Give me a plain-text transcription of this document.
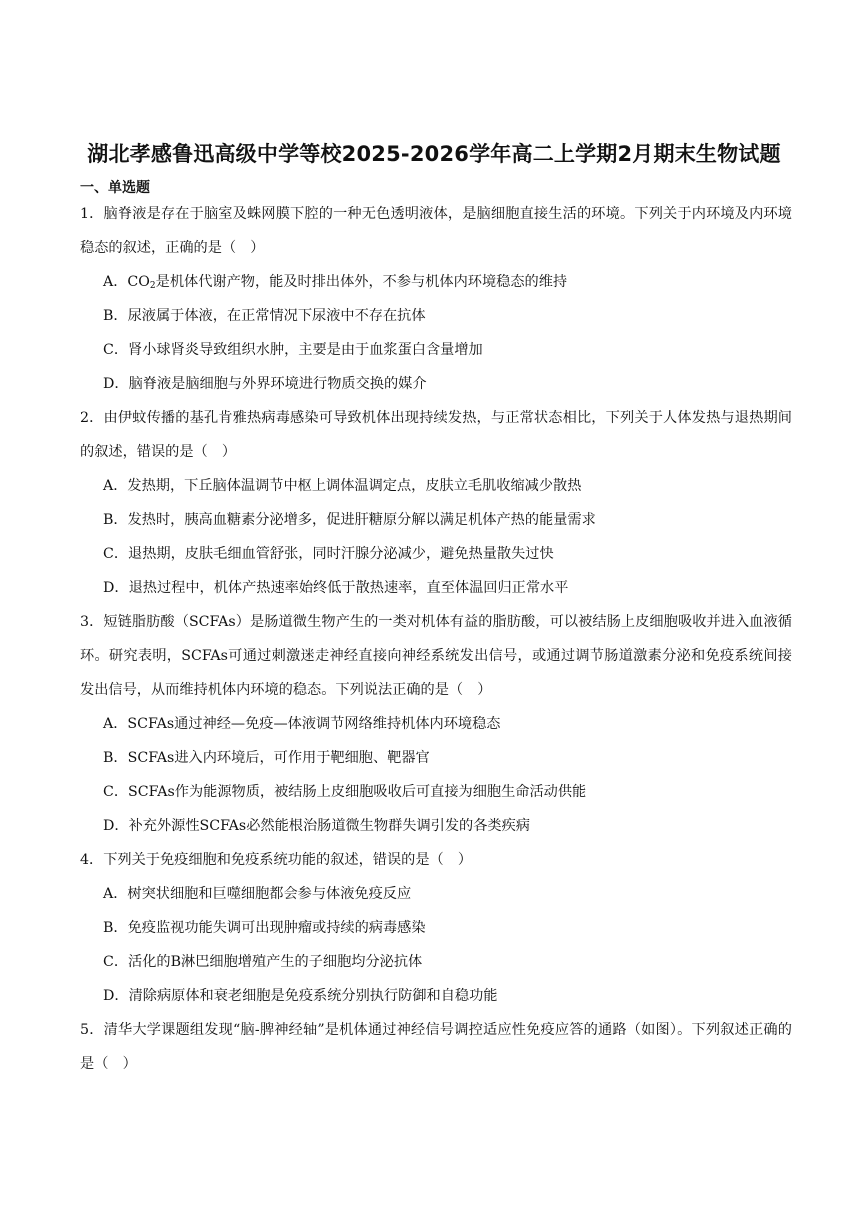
湖北孝感鲁迅高级中学等校2025-2026学年高二上学期2月期末生物试题
一、单选题
1．脑脊液是存在于脑室及蛛网膜下腔的一种无色透明液体，是脑细胞直接生活的环境。下列关于内环境及内环境稳态的叙述，正确的是（　）
A．$CO_2$是机体代谢产物，能及时排出体外，不参与机体内环境稳态的维持
B．尿液属于体液，在正常情况下尿液中不存在抗体
C．肾小球肾炎导致组织水肿，主要是由于血浆蛋白含量增加
D．脑脊液是脑细胞与外界环境进行物质交换的媒介
2．由伊蚊传播的基孔肯雅热病毒感染可导致机体出现持续发热，与正常状态相比，下列关于人体发热与退热期间的叙述，错误的是（　）
A．发热期，下丘脑体温调节中枢上调体温调定点，皮肤立毛肌收缩减少散热
B．发热时，胰高血糖素分泌增多，促进肝糖原分解以满足机体产热的能量需求
C．退热期，皮肤毛细血管舒张，同时汗腺分泌减少，避免热量散失过快
D．退热过程中，机体产热速率始终低于散热速率，直至体温回归正常水平
3．短链脂肪酸（SCFAs）是肠道微生物产生的一类对机体有益的脂肪酸，可以被结肠上皮细胞吸收并进入血液循环。研究表明，SCFAs可通过刺激迷走神经直接向神经系统发出信号，或通过调节肠道激素分泌和免疫系统间接发出信号，从而维持机体内环境的稳态。下列说法正确的是（　）
A．SCFAs通过神经—免疫—体液调节网络维持机体内环境稳态
B．SCFAs进入内环境后，可作用于靶细胞、靶器官
C．SCFAs作为能源物质，被结肠上皮细胞吸收后可直接为细胞生命活动供能
D．补充外源性SCFAs必然能根治肠道微生物群失调引发的各类疾病
4．下列关于免疫细胞和免疫系统功能的叙述，错误的是（　）
A．树突状细胞和巨噬细胞都会参与体液免疫反应
B．免疫监视功能失调可出现肿瘤或持续的病毒感染
C．活化的B淋巴细胞增殖产生的子细胞均分泌抗体
D．清除病原体和衰老细胞是免疫系统分别执行防御和自稳功能
5．清华大学课题组发现“脑-脾神经轴”是机体通过神经信号调控适应性免疫应答的通路（如图）。下列叙述正确的是（　）
